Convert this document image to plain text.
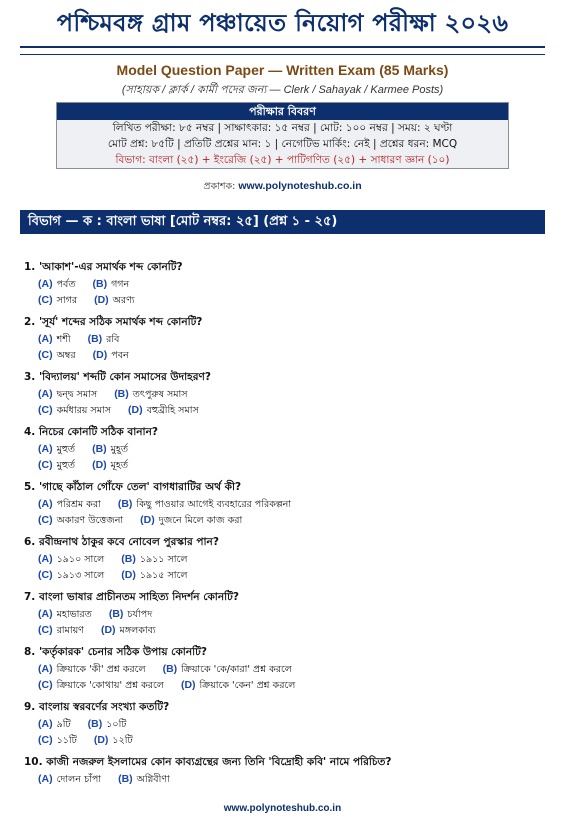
পশ্চিমবঙ্গ গ্রাম পঞ্চায়েত নিয়োগ পরীক্ষা ২০২৬
Model Question Paper — Written Exam (85 Marks)
(সাহায়ক / ক্লার্ক / কার্মী পদের জন্য — Clerk / Sahayak / Karmee Posts)
পরীক্ষার বিবরণ
লিখিত পরীক্ষা: ৮৫ নম্বর | সাক্ষাৎকার: ১৫ নম্বর | মোট: ১০০ নম্বর | সময়: ২ ঘণ্টা
মোট প্রশ্ন: ৮৫টি | প্রতিটি প্রশ্নের মান: ১ | নেগেটিভ মার্কিং: নেই | প্রশ্নের ধরন: MCQ
বিভাগ: বাংলা (২৫) + ইংরেজি (২৫) + পাটিগণিত (২৫) + সাধারণ জ্ঞান (১০)
প্রকাশক: www.polynoteshub.co.in
বিভাগ — ক : বাংলা ভাষা [মোট নম্বর: ২৫] (প্রশ্ন ১ - ২৫)
1. 'আকাশ'-এর সমার্থক শব্দ কোনটি?
(A) পর্বত (B) গগন
(C) সাগর (D) অরণ্য
2. 'সূর্য' শব্দের সঠিক সমার্থক শব্দ কোনটি?
(A) শশী (B) রবি
(C) অম্বর (D) পবন
3. 'বিদ্যালয়' শব্দটি কোন সমাসের উদাহরণ?
(A) দ্বন্দ্ব সমাস (B) তৎপুরুষ সমাস
(C) কর্মধারয় সমাস (D) বহুব্রীহি সমাস
4. নিচের কোনটি সঠিক বানান?
(A) মুহুর্ত (B) মুহূর্ত
(C) মুহুর্ত (D) মূহর্ত
5. 'গাছে কাঁঠাল গোঁফে তেল' বাগধারাটির অর্থ কী?
(A) পরিশ্রম করা (B) কিছু পাওয়ার আগেই ব্যবহারের পরিকল্পনা
(C) অকারণ উত্তেজনা (D) দুজনে মিলে কাজ করা
6. রবীন্দ্রনাথ ঠাকুর কবে নোবেল পুরস্কার পান?
(A) ১৯১০ সালে (B) ১৯১১ সালে
(C) ১৯১৩ সালে (D) ১৯১৫ সালে
7. বাংলা ভাষার প্রাচীনতম সাহিত্য নিদর্শন কোনটি?
(A) মহাভারত (B) চর্যাপদ
(C) রামায়ণ (D) মঙ্গলকাব্য
8. 'কর্তৃকারক' চেনার সঠিক উপায় কোনটি?
(A) ক্রিয়াকে 'কী' প্রশ্ন করলে (B) ক্রিয়াকে 'কে/কারা' প্রশ্ন করলে
(C) ক্রিয়াকে 'কোথায়' প্রশ্ন করলে (D) ক্রিয়াকে 'কেন' প্রশ্ন করলে
9. বাংলায় স্বরবর্ণের সংখ্যা কতটি?
(A) ৯টি (B) ১০টি
(C) ১১টি (D) ১২টি
10. কাজী নজরুল ইসলামের কোন কাব্যগ্রন্থের জন্য তিনি 'বিদ্রোহী কবি' নামে পরিচিত?
(A) দোলন চাঁপা (B) অগ্নিবীণা
www.polynoteshub.co.in
